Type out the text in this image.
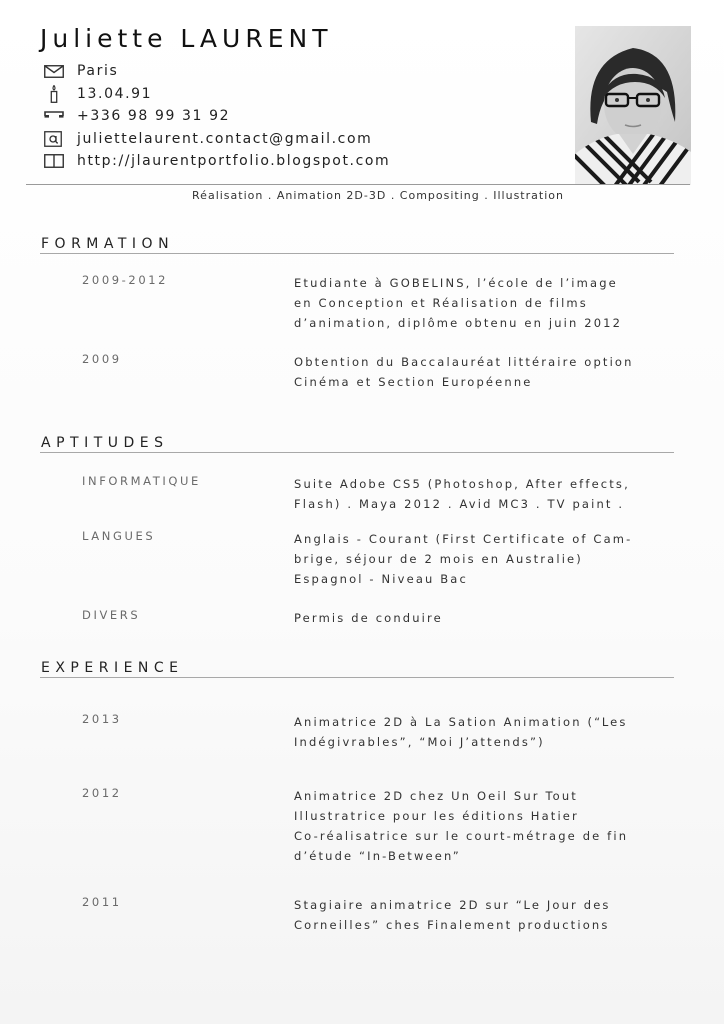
Juliette LAURENT
Paris
13.04.91
+336 98 99 31 92
juliettelaurent.contact@gmail.com
http://jlaurentportfolio.blogspot.com
Réalisation . Animation 2D-3D . Compositing . Illustration
FORMATION
2009-2012	Etudiante à GOBELINS, l’école de l’image
en Conception et Réalisation de films
d’animation, diplôme obtenu en juin 2012
2009	Obtention du Baccalauréat littéraire option
Cinéma et Section Européenne
APTITUDES
INFORMATIQUE	Suite Adobe CS5 (Photoshop, After effects,
Flash) . Maya 2012 . Avid MC3 . TV paint .
LANGUES	Anglais - Courant (First Certificate of Cam-
brige, séjour de 2 mois en Australie)
Espagnol - Niveau Bac
DIVERS	Permis de conduire
EXPERIENCE
2013	Animatrice 2D à La Sation Animation (“Les
Indégivrables”, “Moi J’attends”)
2012	Animatrice 2D chez Un Oeil Sur Tout
Illustratrice pour les éditions Hatier
Co-réalisatrice sur le court-métrage de fin
d’étude “In-Between”
2011	Stagiaire animatrice 2D sur “Le Jour des
Corneilles” ches Finalement productions
